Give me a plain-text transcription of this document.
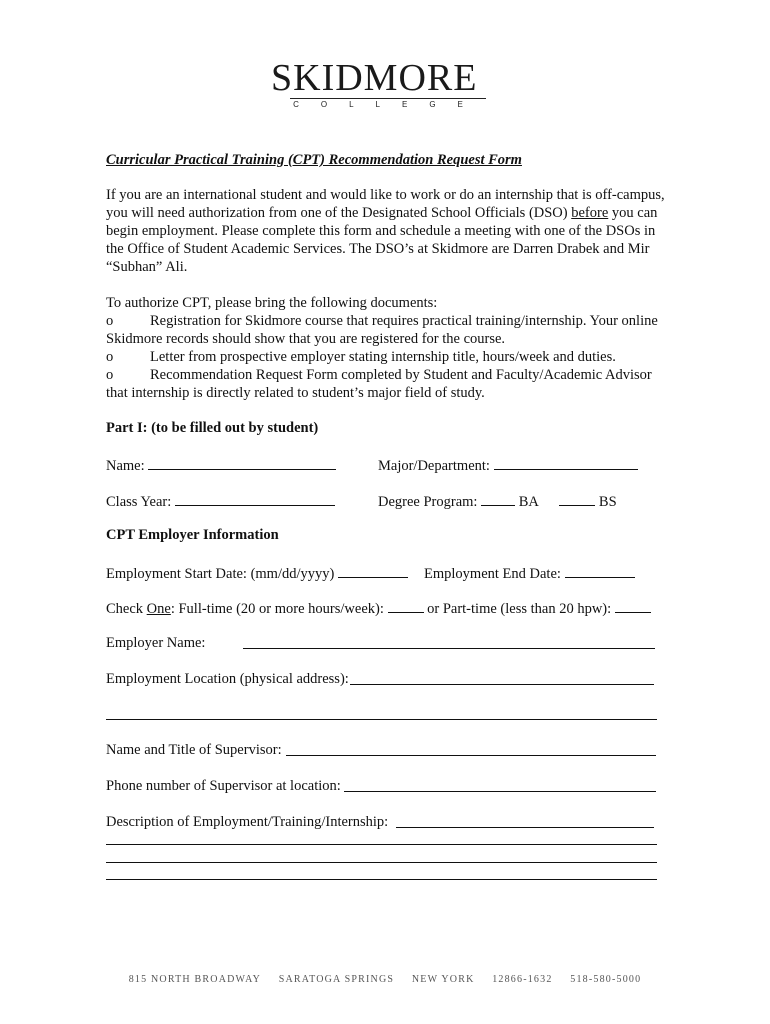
SKIDMORE
COLLEGE
Curricular Practical Training (CPT) Recommendation Request Form

If you are an international student and would like to work or do an internship that is off-campus, you will need authorization from one of the Designated School Officials (DSO) before you can begin employment. Please complete this form and schedule a meeting with one of the DSOs in the Office of Student Academic Services. The DSO’s at Skidmore are Darren Drabek and Mir “Subhan” Ali.

To authorize CPT, please bring the following documents:
o	Registration for Skidmore course that requires practical training/internship. Your online
Skidmore records should show that you are registered for the course.
o	Letter from prospective employer stating internship title, hours/week and duties.
o	Recommendation Request Form completed by Student and Faculty/Academic Advisor
that internship is directly related to student’s major field of study.
Part I: (to be filled out by student)
Name:	Major/Department:
Class Year:	Degree Program:	BA	BS
CPT Employer Information
Employment Start Date: (mm/dd/yyyy)	Employment End Date:
Check One: Full-time (20 or more hours/week):	or Part-time (less than 20 hpw):
Employer Name:
Employment Location (physical address):
Name and Title of Supervisor:
Phone number of Supervisor at location:
Description of Employment/Training/Internship:
815 NORTH BROADWAY SARATOGA SPRINGS NEW YORK 12866-1632 518-580-5000
